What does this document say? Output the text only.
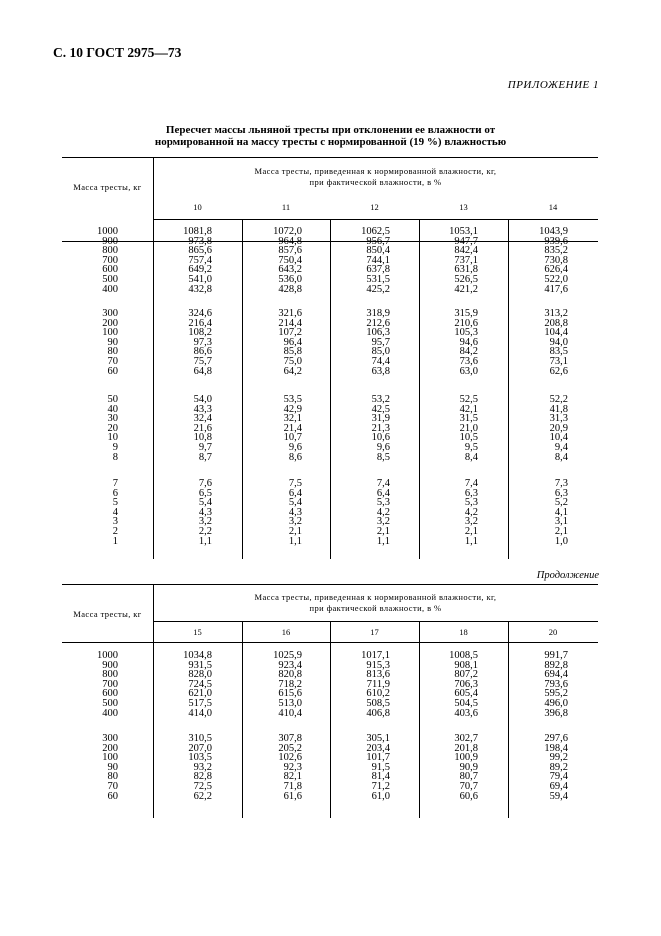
С. 10 ГОСТ 2975—73
ПРИЛОЖЕНИЕ 1
Пересчет массы льняной тресты при отклонении ее влажности от
нормированной на массу тресты с нормированной (19 %) влажностью
Масса тресты, кг
Масса тресты, приведенная к нормированной влажности, кг,
при фактической влажности, в %
10	11	12	13	14
1000	1081,8	1072,0	1062,5	1053,1	1043,9
900	973,8	964,8	956,7	947,7	939,6
800	865,6	857,6	850,4	842,4	835,2
700	757,4	750,4	744,1	737,1	730,8
600	649,2	643,2	637,8	631,8	626,4
500	541,0	536,0	531,5	526,5	522,0
400	432,8	428,8	425,2	421,2	417,6
300	324,6	321,6	318,9	315,9	313,2
200	216,4	214,4	212,6	210,6	208,8
100	108,2	107,2	106,3	105,3	104,4
90	97,3	96,4	95,7	94,6	94,0
80	86,6	85,8	85,0	84,2	83,5
70	75,7	75,0	74,4	73,6	73,1
60	64,8	64,2	63,8	63,0	62,6
50	54,0	53,5	53,2	52,5	52,2
40	43,3	42,9	42,5	42,1	41,8
30	32,4	32,1	31,9	31,5	31,3
20	21,6	21,4	21,3	21,0	20,9
10	10,8	10,7	10,6	10,5	10,4
9	9,7	9,6	9,6	9,5	9,4
8	8,7	8,6	8,5	8,4	8,4
7	7,6	7,5	7,4	7,4	7,3
6	6,5	6,4	6,4	6,3	6,3
5	5,4	5,4	5,3	5,3	5,2
4	4,3	4,3	4,2	4,2	4,1
3	3,2	3,2	3,2	3,2	3,1
2	2,2	2,1	2,1	2,1	2,1
1	1,1	1,1	1,1	1,1	1,0
Продолжение
Масса тресты, кг
Масса тресты, приведенная к нормированной влажности, кг,
при фактической влажности, в %
15	16	17	18	20
1000	1034,8	1025,9	1017,1	1008,5	991,7
900	931,5	923,4	915,3	908,1	892,8
800	828,0	820,8	813,6	807,2	694,4
700	724,5	718,2	711,9	706,3	793,6
600	621,0	615,6	610,2	605,4	595,2
500	517,5	513,0	508,5	504,5	496,0
400	414,0	410,4	406,8	403,6	396,8
300	310,5	307,8	305,1	302,7	297,6
200	207,0	205,2	203,4	201,8	198,4
100	103,5	102,6	101,7	100,9	99,2
90	93,2	92,3	91,5	90,9	89,2
80	82,8	82,1	81,4	80,7	79,4
70	72,5	71,8	71,2	70,7	69,4
60	62,2	61,6	61,0	60,6	59,4
